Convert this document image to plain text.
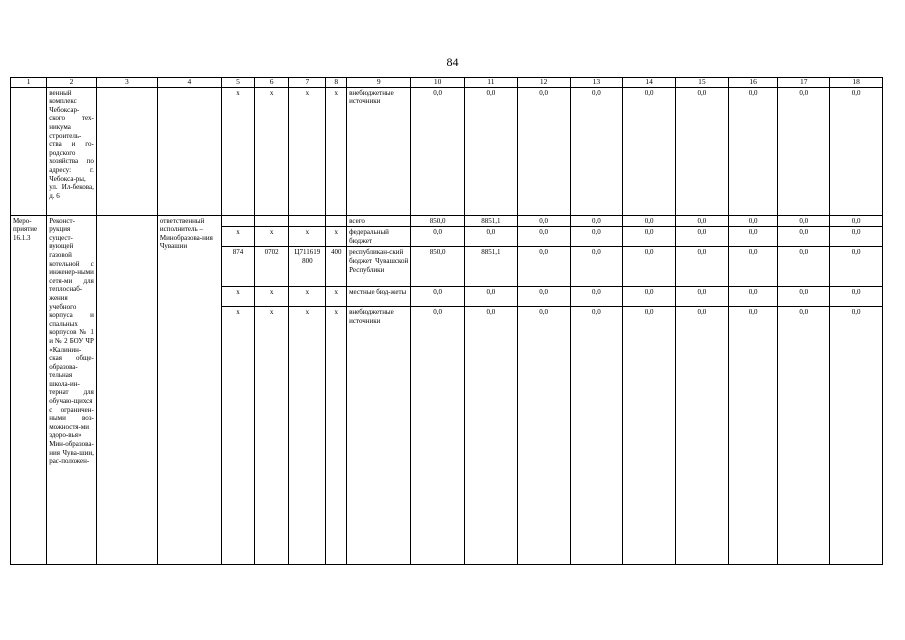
84
1	2	3	4	5	6	7	8	9	10	11	12	13	14	15	16	17	18
	венный комплекс Чебоксар-ского тех-никума строитель-ства и го-родского хозяйства по адресу: г. Чебокса-ры, ул. Ил-бекова, д. 6			x	x	x	x	внебюджетные источники	0,0	0,0	0,0	0,0	0,0	0,0	0,0	0,0	0,0
Меро-приятие 16.1.3	Реконст-рукция сущест-вующей газовой котельной с инженер-ными сетя-ми для теплоснаб-жения учебного корпуса и спальных корпусов № 1 и № 2 БОУ ЧР «Калинин-ская обще-образова-тельная школа-ин-тернат для обучаю-щихся с ограничен-ными воз-можностя-ми здоро-вья» Мин-образова-ния Чува-шии, рас-положен-		ответственный исполнитель – Минобразова-ния Чувашии					всего	850,0	8851,1	0,0	0,0	0,0	0,0	0,0	0,0	0,0
				x	x	x	x	федеральный бюджет	0,0	0,0	0,0	0,0	0,0	0,0	0,0	0,0	0,0
				874	0702	Ц711619 800	400	республикан-ский бюджет Чувашской Республики	850,0	8851,1	0,0	0,0	0,0	0,0	0,0	0,0	0,0
				x	x	x	x	местные бюд-жеты	0,0	0,0	0,0	0,0	0,0	0,0	0,0	0,0	0,0
				x	x	x	x	внебюджетные источники	0,0	0,0	0,0	0,0	0,0	0,0	0,0	0,0	0,0
